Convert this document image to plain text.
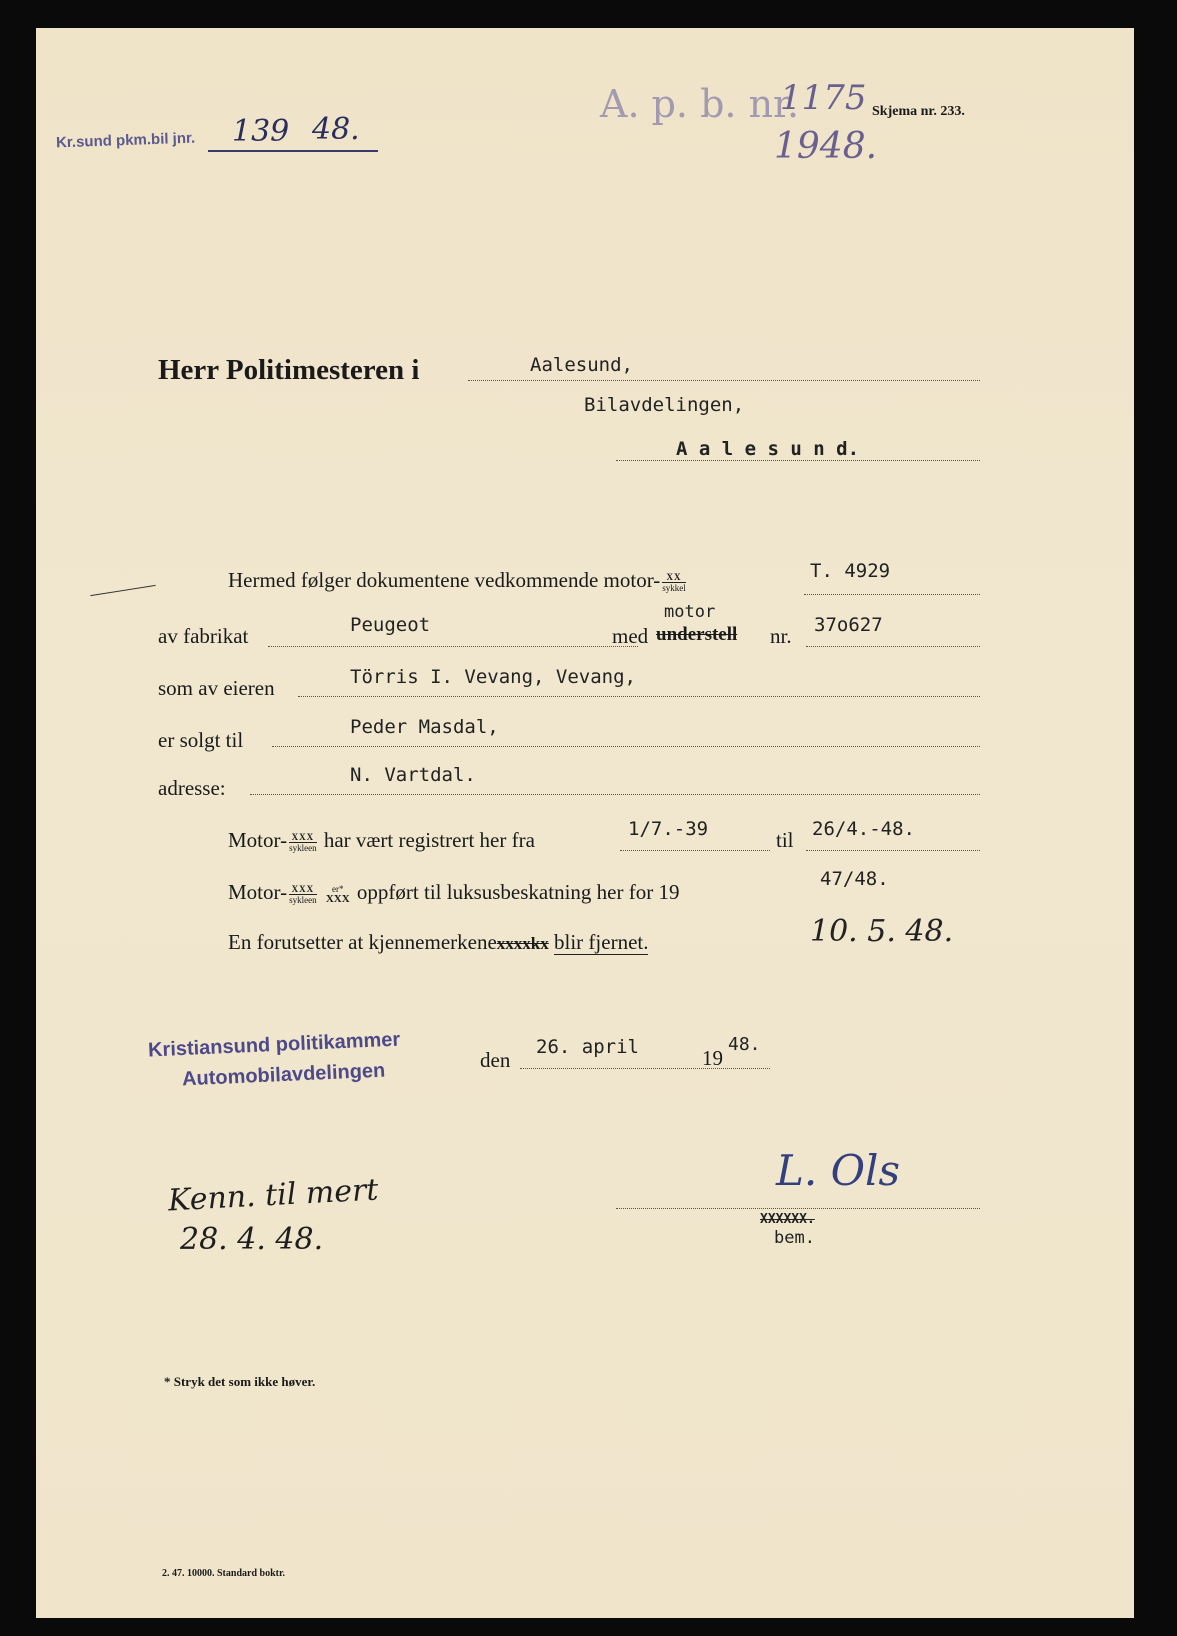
Kr.sund pkm.bil jnr. 139 48.
A. p. b. nr.
1175
1948.
Skjema nr. 233.
Herr Politimesteren i	Aalesund,
Bilavdelingen,
A a l e s u n d.
Hermed følger dokumentene vedkommende motor- $\frac{XX}{\text{sykkel}}$
T. 4929
av fabrikat	Peugeot	med
motor
understell nr. 37o627
som av eieren	Törris I. Vevang, Vevang,
er solgt til
Peder Masdal,
adresse:
N. Vartdal.
Motor- $\frac{\text{XXX}}{\text{sykleen}}$ har vært registrert her fra	1/7.-39	til 26/4.-48.
Motor- $\frac{\text{XXX}}{\text{sykleen}}$
	er*
XXX oppført til luksusbeskatning her for 19
47/48.
En forutsetter at kjennemerkenexxxxkx blir fjernet.	10. 5. 48.
Kristiansund politikammer
Automobilavdelingen	den
26. april	19
48.
L. Ols
XXXXXX.
bem.
Kenn. til mert
28. 4. 48.
* Stryk det som ikke høver.
2. 47. 10000. Standard boktr.
